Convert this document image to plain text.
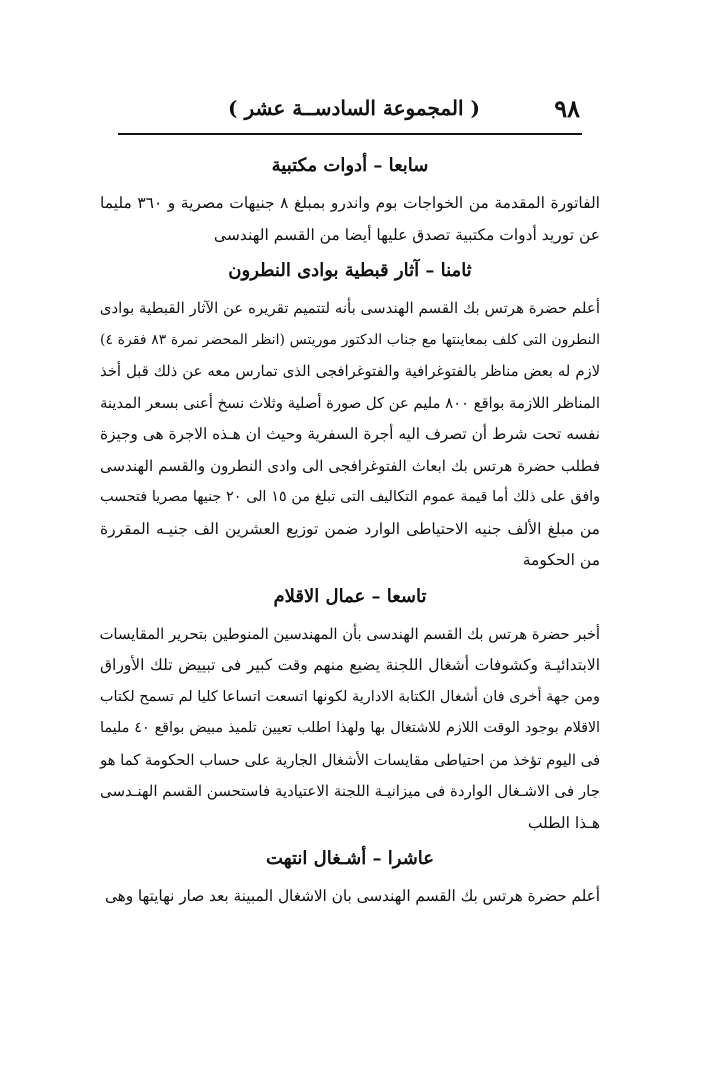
٩٨
( المجموعة السادســة عشر )
سابعا – أدوات مكتبية
الفاتورة المقدمة من الخواجات بوم واندرو بمبلغ ٨ جنيهات مصرية و ٣٦٠ مليما
عن توريد أدوات مكتبية تصدق عليها أيضا من القسم الهندسى
ثامنا – آثار قبطية بوادى النطرون
أعلم حضرة هرتس بك القسم الهندسى بأنه لتتميم تقريره عن الآثار القبطية بوادى
النطرون التى كلف بمعاينتها مع جناب الدكتور موريتس (انظر المحضر نمرة ٨٣ فقرة ٤)
لازم له بعض مناظر بالفتوغرافية والفتوغرافجى الذى تمارس معه عن ذلك قبل أخذ
المناظر اللازمة بواقع ٨٠٠ مليم عن كل صورة أصلية وثلاث نسخ أعنى بسعر المدينة
نفسه تحت شرط أن تصرف اليه أجرة السفرية وحيث ان هـذه الاجرة هى وجيزة
فطلب حضرة هرتس بك ابعاث الفتوغرافجى الى وادى النطرون والقسم الهندسى
وافق على ذلك أما قيمة عموم التكاليف التى تبلغ من ١٥ الى ٢٠ جنيها مصريا فتحسب
من مبلغ الألف جنيه الاحتياطى الوارد ضمن توزيع العشرين الف جنيـه المقررة
من الحكومة
تاسعا – عمال الاقلام
أخبر حضرة هرتس بك القسم الهندسى بأن المهندسين المنوطين بتحرير المقايسات
الابتدائيـة وكشوفات أشغال اللجنة يضيع منهم وقت كبير فى تبييض تلك الأوراق
ومن جهة أخرى فان أشغال الكتابة الادارية لكونها اتسعت اتساعا كليا لم تسمح لكتاب
الاقلام بوجود الوقت اللازم للاشتغال بها ولهذا اطلب تعيين تلميذ مبيض بواقع ٤٠ مليما
فى اليوم تؤخذ من احتياطى مقايسات الأشغال الجارية على حساب الحكومة كما هو
جار فى الاشـغال الواردة فى ميزانيـة اللجنة الاعتيادية فاستحسن القسم الهنـدسى
هـذا الطلب
عاشرا – أشـغال انتهت
أعلم حضرة هرتس بك القسم الهندسى بان الاشغال المبينة بعد صار نهايتها وهى
